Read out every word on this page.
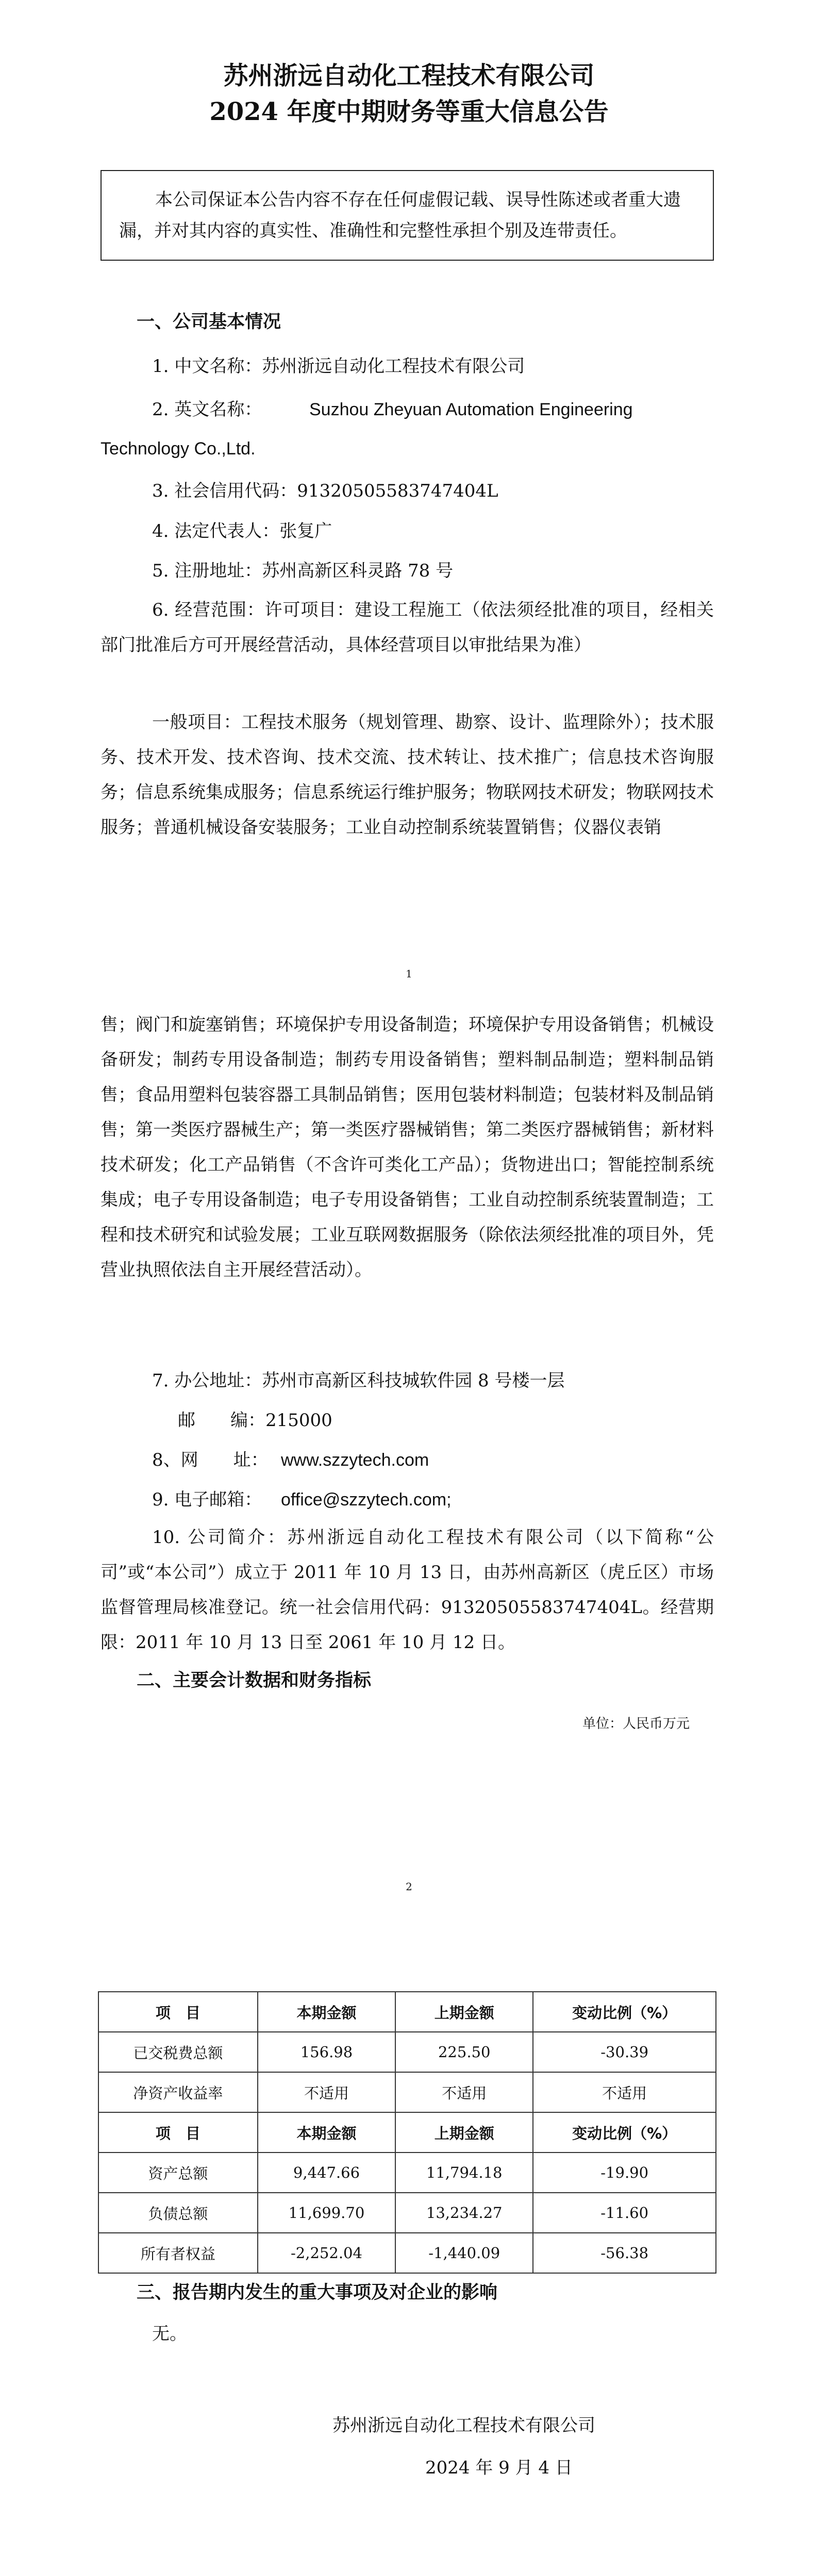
苏州浙远自动化工程技术有限公司
2024 年度中期财务等重大信息公告
本公司保证本公告内容不存在任何虚假记载、误导性陈述或者重大遗漏，并对其内容的真实性、准确性和完整性承担个别及连带责任。
一、公司基本情况
1. 中文名称：苏州浙远自动化工程技术有限公司
2. 英文名称：	Suzhou Zheyuan Automation Engineering
Technology Co.,Ltd.
3. 社会信用代码：91320505583747404L
4. 法定代表人：张复广
5. 注册地址：苏州高新区科灵路 78 号
6. 经营范围：许可项目：建设工程施工（依法须经批准的项目，经相关部门批准后方可开展经营活动，具体经营项目以审批结果为准）
一般项目：工程技术服务（规划管理、勘察、设计、监理除外）；技术服务、技术开发、技术咨询、技术交流、技术转让、技术推广；信息技术咨询服务；信息系统集成服务；信息系统运行维护服务；物联网技术研发；物联网技术服务；普通机械设备安装服务；工业自动控制系统装置销售；仪器仪表销
1
售；阀门和旋塞销售；环境保护专用设备制造；环境保护专用设备销售；机械设备研发；制药专用设备制造；制药专用设备销售；塑料制品制造；塑料制品销售；食品用塑料包装容器工具制品销售；医用包装材料制造；包装材料及制品销售；第一类医疗器械生产；第一类医疗器械销售；第二类医疗器械销售；新材料技术研发；化工产品销售（不含许可类化工产品）；货物进出口；智能控制系统集成；电子专用设备制造；电子专用设备销售；工业自动控制系统装置制造；工程和技术研究和试验发展；工业互联网数据服务（除依法须经批准的项目外，凭营业执照依法自主开展经营活动）。
7. 办公地址：苏州市高新区科技城软件园 8 号楼一层
邮　　编：215000
8、网　　址： www.szzytech.com
9. 电子邮箱： office@szzytech.com;
10. 公司简介：苏州浙远自动化工程技术有限公司（以下简称“公司”或“本公司”）成立于 2011 年 10 月 13 日，由苏州高新区（虎丘区）市场监督管理局核准登记。统一社会信用代码：91320505583747404L。经营期限：2011 年 10 月 13 日至 2061 年 10 月 12 日。
二、主要会计数据和财务指标
单位：人民币万元
2
项　目	本期金额	上期金额	变动比例（%）
已交税费总额	156.98	225.50	-30.39
净资产收益率	不适用	不适用	不适用
项　目	本期金额	上期金额	变动比例（%）
资产总额	9,447.66	11,794.18	-19.90
负债总额	11,699.70	13,234.27	-11.60
所有者权益	-2,252.04	-1,440.09	-56.38
三、报告期内发生的重大事项及对企业的影响
无。
苏州浙远自动化工程技术有限公司
2024 年 9 月 4 日
